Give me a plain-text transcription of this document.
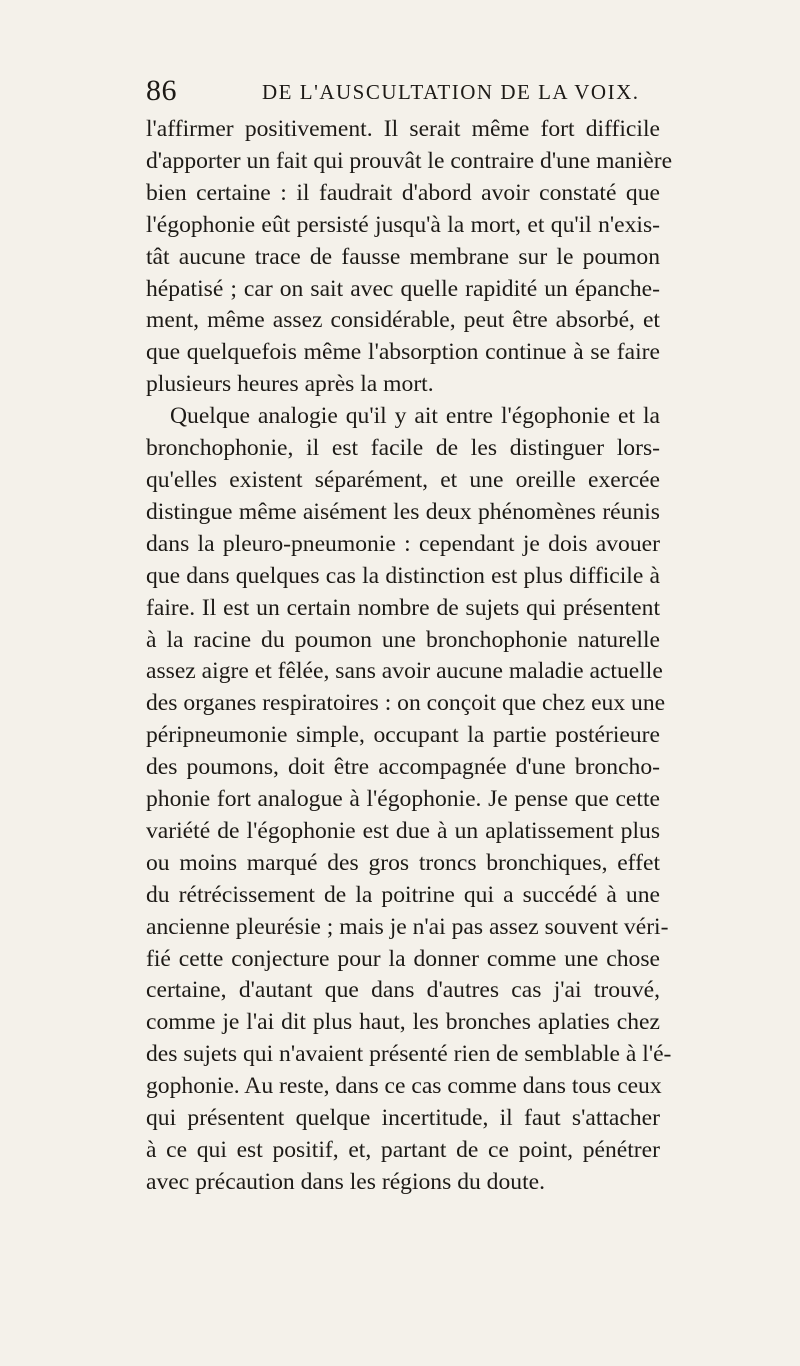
86	DE L'AUSCULTATION DE LA VOIX.
l'affirmer positivement. Il serait même fort difficile
d'apporter un fait qui prouvât le contraire d'une manière
bien certaine : il faudrait d'abord avoir constaté que
l'égophonie eût persisté jusqu'à la mort, et qu'il n'exis-
tât aucune trace de fausse membrane sur le poumon
hépatisé ; car on sait avec quelle rapidité un épanche-
ment, même assez considérable, peut être absorbé, et
que quelquefois même l'absorption continue à se faire
plusieurs heures après la mort.
Quelque analogie qu'il y ait entre l'égophonie et la
bronchophonie, il est facile de les distinguer lors-
qu'elles existent séparément, et une oreille exercée
distingue même aisément les deux phénomènes réunis
dans la pleuro-pneumonie : cependant je dois avouer
que dans quelques cas la distinction est plus difficile à
faire. Il est un certain nombre de sujets qui présentent
à la racine du poumon une bronchophonie naturelle
assez aigre et fêlée, sans avoir aucune maladie actuelle
des organes respiratoires : on conçoit que chez eux une
péripneumonie simple, occupant la partie postérieure
des poumons, doit être accompagnée d'une broncho-
phonie fort analogue à l'égophonie. Je pense que cette
variété de l'égophonie est due à un aplatissement plus
ou moins marqué des gros troncs bronchiques, effet
du rétrécissement de la poitrine qui a succédé à une
ancienne pleurésie ; mais je n'ai pas assez souvent véri-
fié cette conjecture pour la donner comme une chose
certaine, d'autant que dans d'autres cas j'ai trouvé,
comme je l'ai dit plus haut, les bronches aplaties chez
des sujets qui n'avaient présenté rien de semblable à l'é-
gophonie. Au reste, dans ce cas comme dans tous ceux
qui présentent quelque incertitude, il faut s'attacher
à ce qui est positif, et, partant de ce point, pénétrer
avec précaution dans les régions du doute.
